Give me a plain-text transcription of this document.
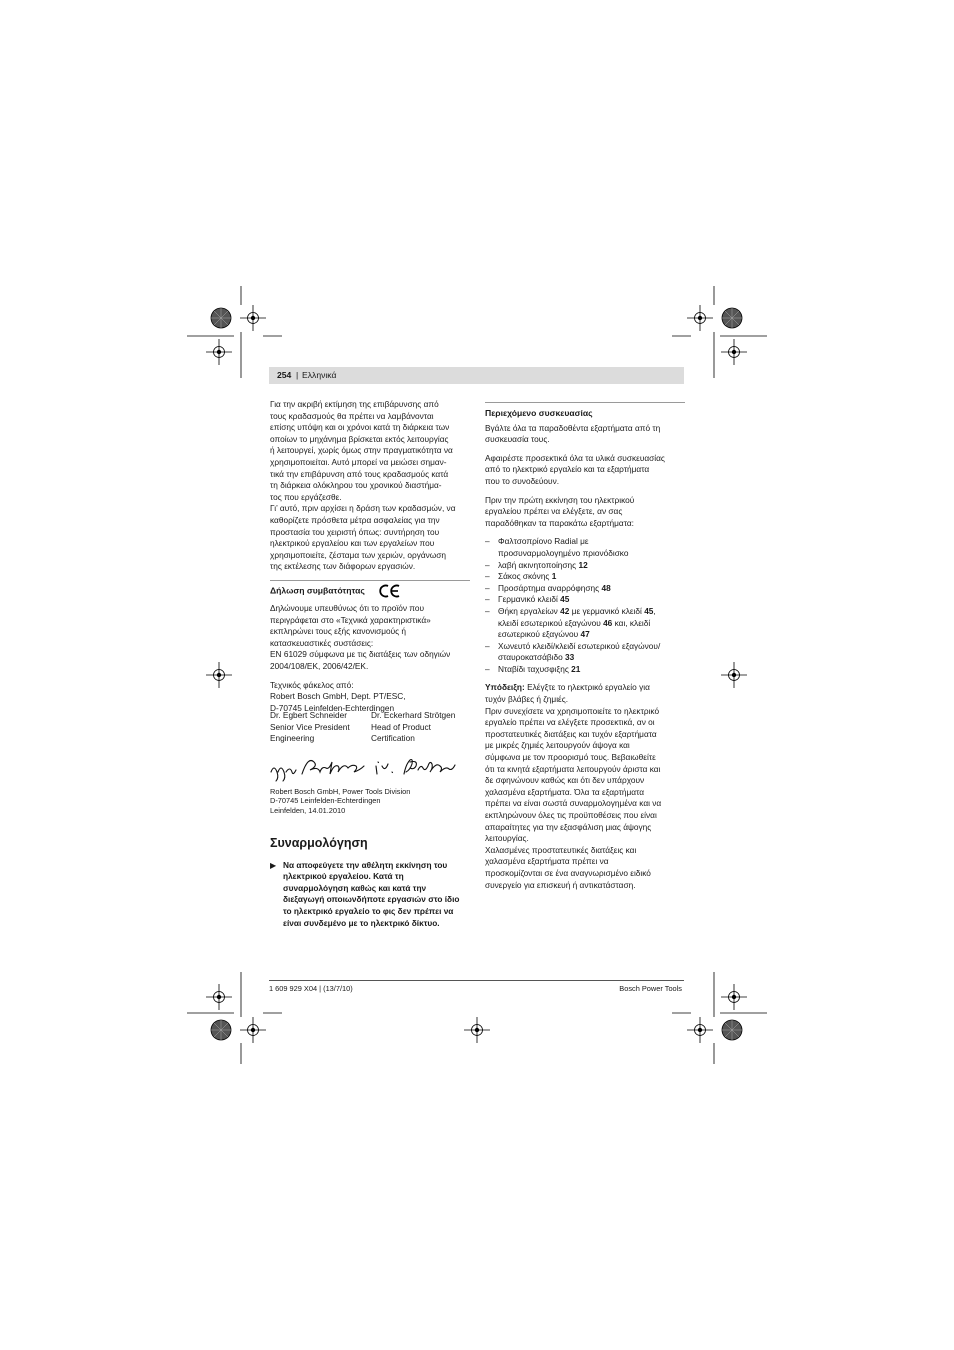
254 | Ελληνικά

Για την ακριβή εκτίμηση της επιβάρυνσης από

τους κραδασμούς θα πρέπει να λαμβάνονται

επίσης υπόψη και οι χρόνοι κατά τη διάρκεια των

οποίων το μηχάνημα βρίσκεται εκτός λειτουργίας

ή λειτουργεί, χωρίς όμως στην πραγματικότητα να

χρησιμοποιείται. Αυτό μπορεί να μειώσει σημαν-

τικά την επιβάρυνση από τους κραδασμούς κατά

τη διάρκεια ολόκληρου του χρονικού διαστήμα-

τος που εργάζεσθε.

Γι’ αυτό, πριν αρχίσει η δράση των κραδασμών, να

καθορίζετε πρόσθετα μέτρα ασφαλείας για την

προστασία του χειριστή όπως: συντήρηση του

ηλεκτρικού εργαλείου και των εργαλείων που

χρησιμοποιείτε, ζέσταμα των χεριών, οργάνωση

της εκτέλεσης των διάφορων εργασιών.

Δήλωση συμβατότητας

Δηλώνουμε υπευθύνως ότι το προϊόν που

περιγράφεται στο «Τεχνικά χαρακτηριστικά»

εκπληρώνει τους εξής κανονισμούς ή

κατασκευαστικές συστάσεις:

EN 61029 σύμφωνα με τις διατάξεις των οδηγιών

2004/108/ΕΚ, 2006/42/ΕΚ.

Τεχνικός φάκελος από:

Robert Bosch GmbH, Dept. PT/ESC,

D-70745 Leinfelden-Echterdingen

Dr. Egbert Schneider

Senior Vice President

Engineering

Dr. Eckerhard Strötgen

Head of Product

Certification

Robert Bosch GmbH, Power Tools Division

D-70745 Leinfelden-Echterdingen

Leinfelden, 14.01.2010

Συναρμολόγηση
▶ Να αποφεύγετε την αθέλητη εκκίνηση του

ηλεκτρικού εργαλείου. Κατά τη

συναρμολόγηση καθώς και κατά την

διεξαγωγή οποιωνδήποτε εργασιών στο ίδιο

το ηλεκτρικό εργαλείο το φις δεν πρέπει να

είναι συνδεμένο με το ηλεκτρικό δίκτυο.

Περιεχόμενο συσκευασίας

Βγάλτε όλα τα παραδοθέντα εξαρτήματα από τη

συσκευασία τους.

Αφαιρέστε προσεκτικά όλα τα υλικά συσκευασίας

από το ηλεκτρικό εργαλείο και τα εξαρτήματα

που το συνοδεύουν.

Πριν την πρώτη εκκίνηση του ηλεκτρικού

εργαλείου πρέπει να ελέγξετε, αν σας

παραδόθηκαν τα παρακάτω εξαρτήματα:

– Φαλτσοπρίονο Radial με

προσυναρμολογημένο πριονόδισκο

– λαβή ακινητοποίησης 12

– Σάκος σκόνης 1

– Προσάρτημα αναρρόφησης 48

– Γερμανικό κλειδί 45

– Θήκη εργαλείων 42 με γερμανικό κλειδί 45,

κλειδί εσωτερικού εξαγώνου 46 και, κλειδί

εσωτερικού εξαγώνου 47

– Χωνευτό κλειδί/κλειδί εσωτερικού εξαγώνου/

σταυροκατσάβιδο 33

– Νταβίδι ταχυσφιξης 21

Υπόδειξη: Ελέγξτε το ηλεκτρικό εργαλείο για

τυχόν βλάβες ή ζημιές.

Πριν συνεχίσετε να χρησιμοποιείτε το ηλεκτρικό

εργαλείο πρέπει να ελέγξετε προσεκτικά, αν οι

προστατευτικές διατάξεις και τυχόν εξαρτήματα

με μικρές ζημιές λειτουργούν άψογα και

σύμφωνα με τον προορισμό τους. Βεβαιωθείτε

ότι τα κινητά εξαρτήματα λειτουργούν άριστα και

δε σφηνώνουν καθώς και ότι δεν υπάρχουν

χαλασμένα εξαρτήματα. Όλα τα εξαρτήματα

πρέπει να είναι σωστά συναρμολογημένα και να

εκπληρώνουν όλες τις προϋποθέσεις που είναι

απαραίτητες για την εξασφάλιση μιας άψογης

λειτουργίας.

Χαλασμένες προστατευτικές διατάξεις και

χαλασμένα εξαρτήματα πρέπει να

προσκομίζονται σε ένα αναγνωρισμένο ειδικό

συνεργείο για επισκευή ή αντικατάσταση.

1 609 929 X04 | (13/7/10)	Bosch Power Tools
